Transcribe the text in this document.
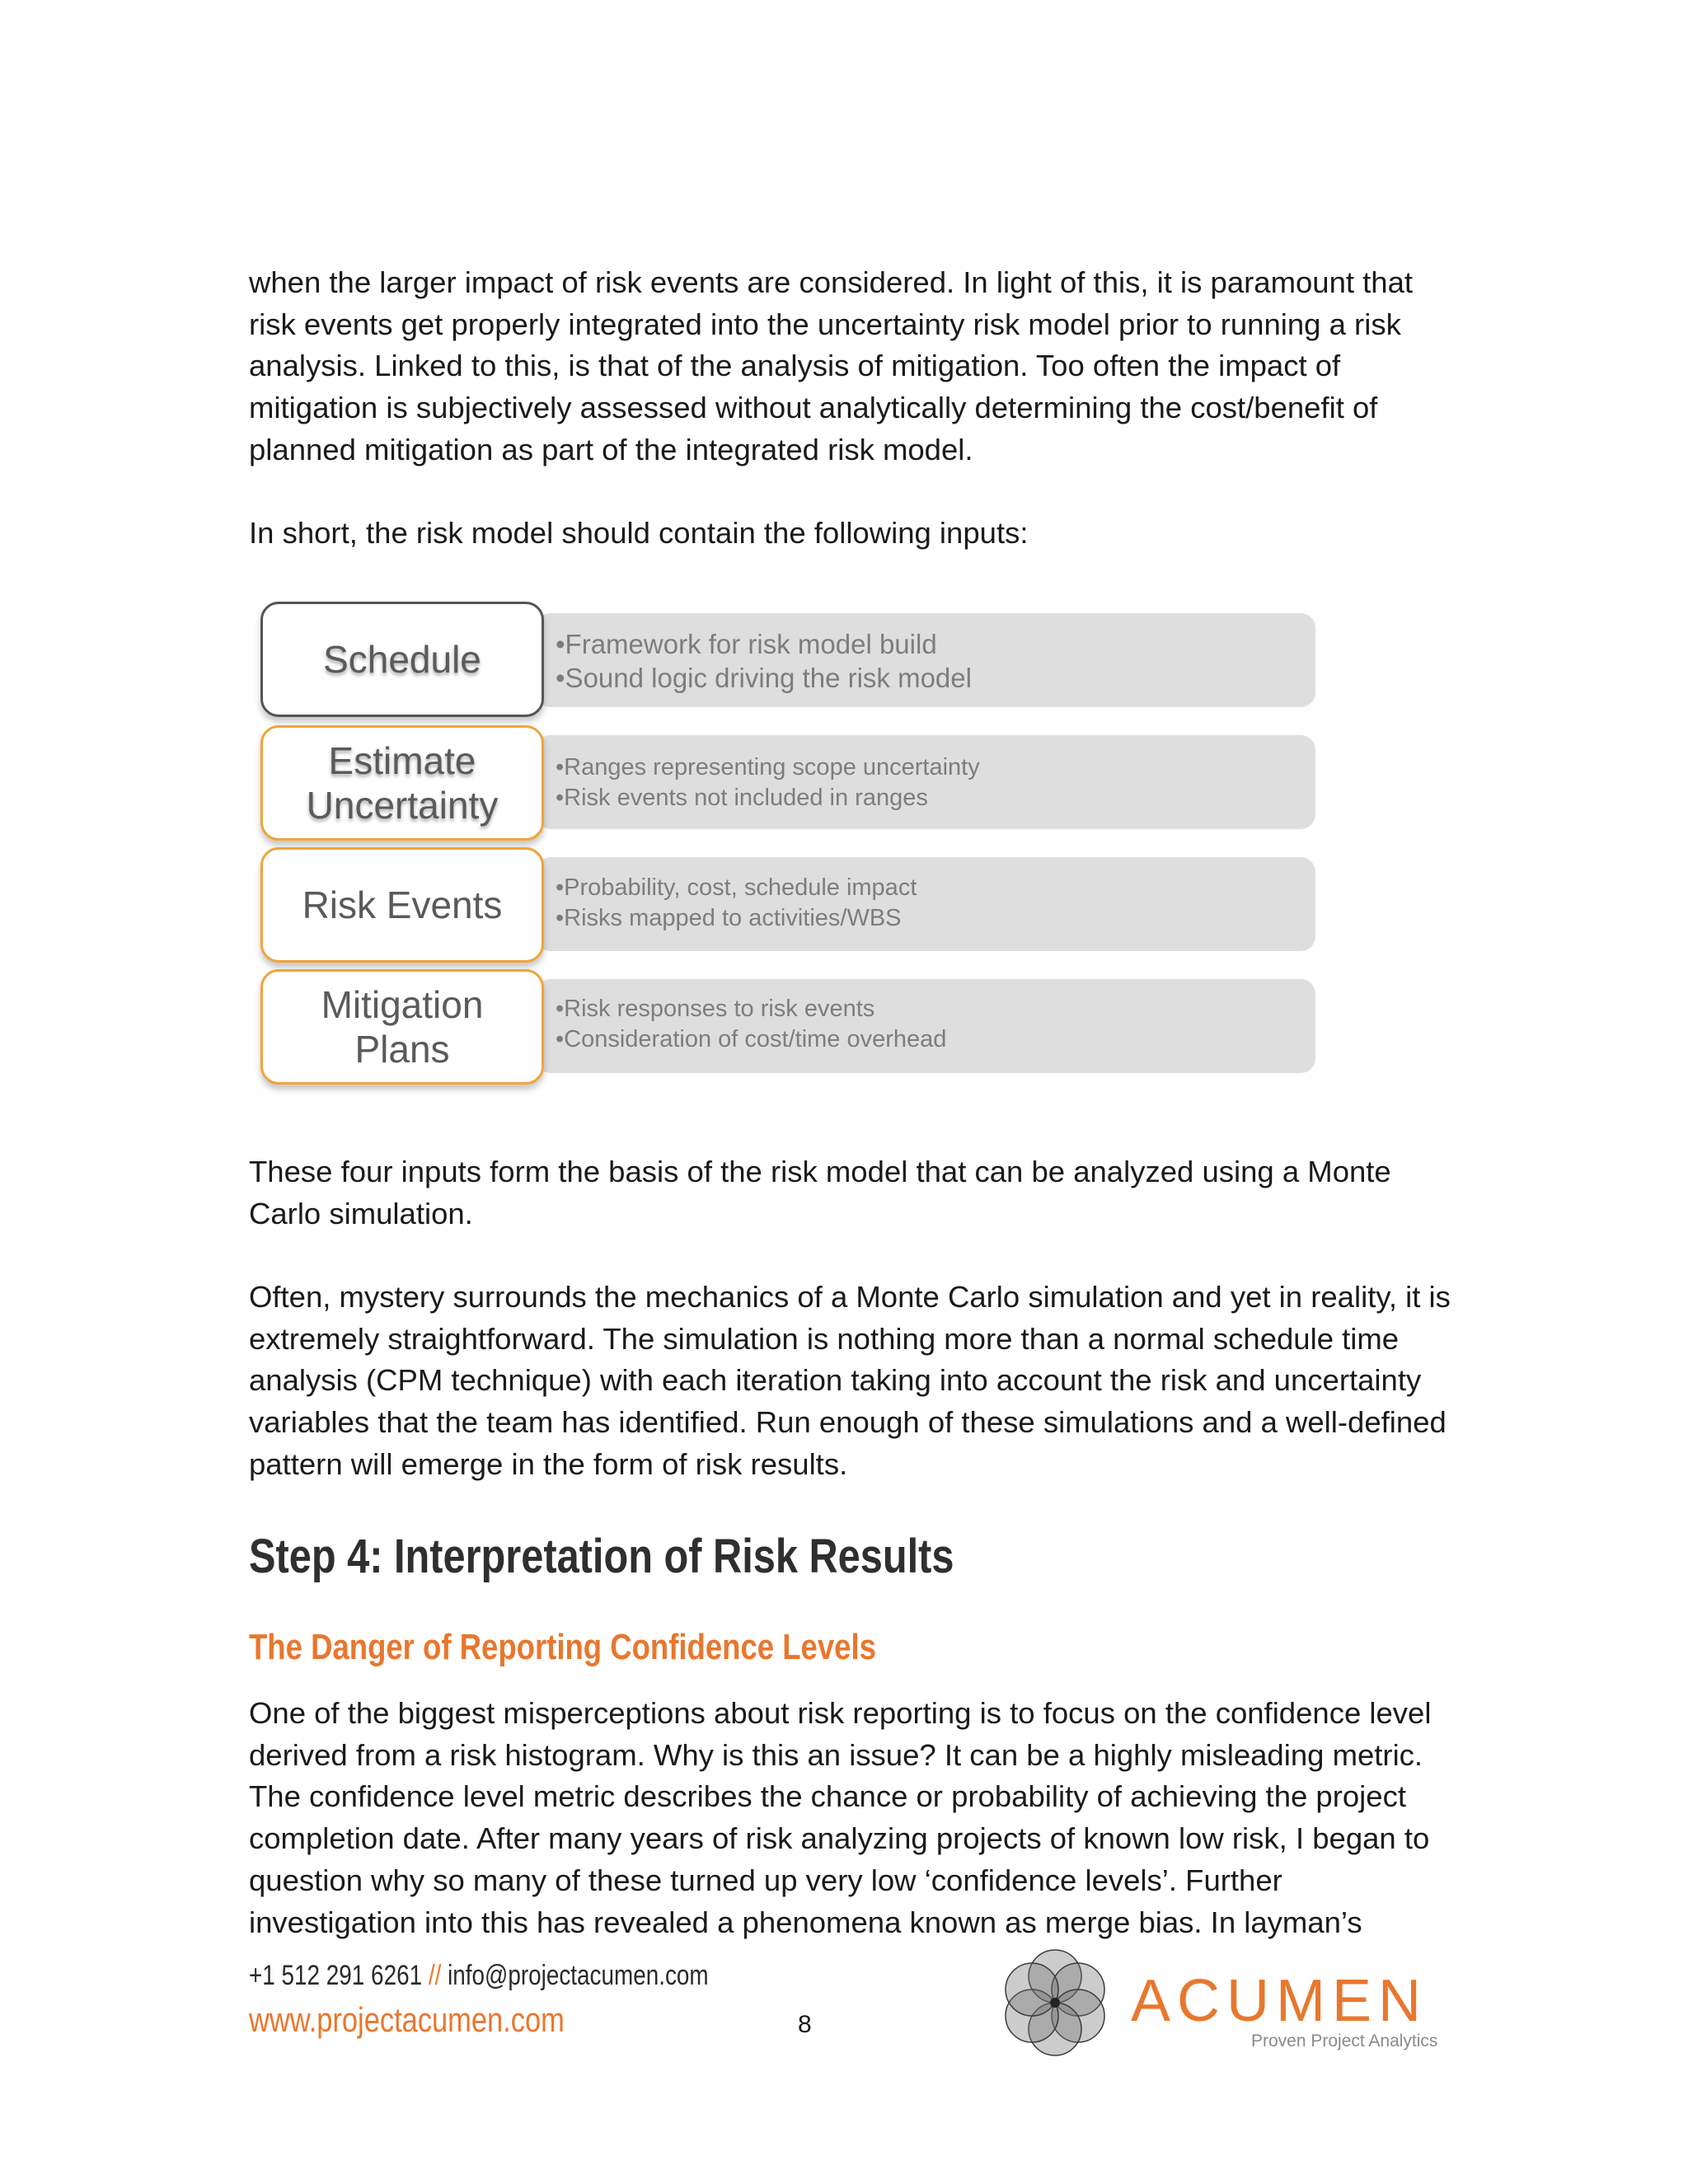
when the larger impact of risk events are considered. In light of this, it is paramount that risk events get properly integrated into the uncertainty risk model prior to running a risk analysis. Linked to this, is that of the analysis of mitigation. Too often the impact of mitigation is subjectively assessed without analytically determining the cost/benefit of planned mitigation as part of the integrated risk model.

In short, the risk model should contain the following inputs:

•Framework for risk model build
•Sound logic driving the risk model
Schedule
•Ranges representing scope uncertainty
•Risk events not included in ranges
Estimate
Uncertainty
•Probability, cost, schedule impact
•Risks mapped to activities/WBS
Risk Events
•Risk responses to risk events
•Consideration of cost/time overhead
Mitigation
Plans

These four inputs form the basis of the risk model that can be analyzed using a Monte Carlo simulation.

Often, mystery surrounds the mechanics of a Monte Carlo simulation and yet in reality, it is extremely straightforward. The simulation is nothing more than a normal schedule time analysis (CPM technique) with each iteration taking into account the risk and uncertainty variables that the team has identified. Run enough of these simulations and a well-defined pattern will emerge in the form of risk results.

Step 4: Interpretation of Risk Results
The Danger of Reporting Confidence Levels

One of the biggest misperceptions about risk reporting is to focus on the confidence level derived from a risk histogram. Why is this an issue? It can be a highly misleading metric. The confidence level metric describes the chance or probability of achieving the project completion date. After many years of risk analyzing projects of known low risk, I began to question why so many of these turned up very low ‘confidence levels’. Further investigation into this has revealed a phenomena known as merge bias. In layman’s

+1 512 291 6261 // info@projectacumen.com

www.projectacumen.com	8	ACUMEN

Proven Project Analytics
